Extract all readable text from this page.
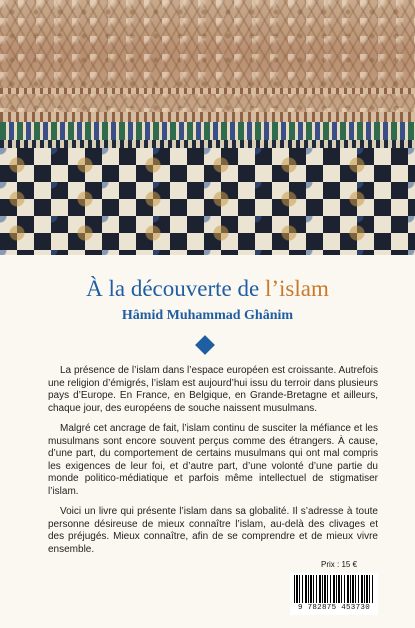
À la découverte de l’islam
Hâmid Muhammad Ghânim

La présence de l’islam dans l’espace européen est croissante. Autrefois une religion d’émigrés, l’islam est aujourd’hui issu du terroir dans plusieurs pays d’Europe. En France, en Belgique, en Grande-Bretagne et ailleurs, chaque jour, des européens de souche naissent musulmans.

Malgré cet ancrage de fait, l’islam continu de susciter la méfiance et les musulmans sont encore souvent perçus comme des étrangers. À cause, d’une part, du comportement de certains musulmans qui ont mal compris les exigences de leur foi, et d’autre part, d’une volonté d’une partie du monde politico-médiatique et parfois même intellectuel de stigmatiser l’islam.

Voici un livre qui présente l’islam dans sa globalité. Il s’adresse à toute personne désireuse de mieux connaître l’islam, au-delà des clivages et des préjugés. Mieux connaître, afin de se comprendre et de mieux vivre ensemble.

Prix : 15 €
9 782875 453730
